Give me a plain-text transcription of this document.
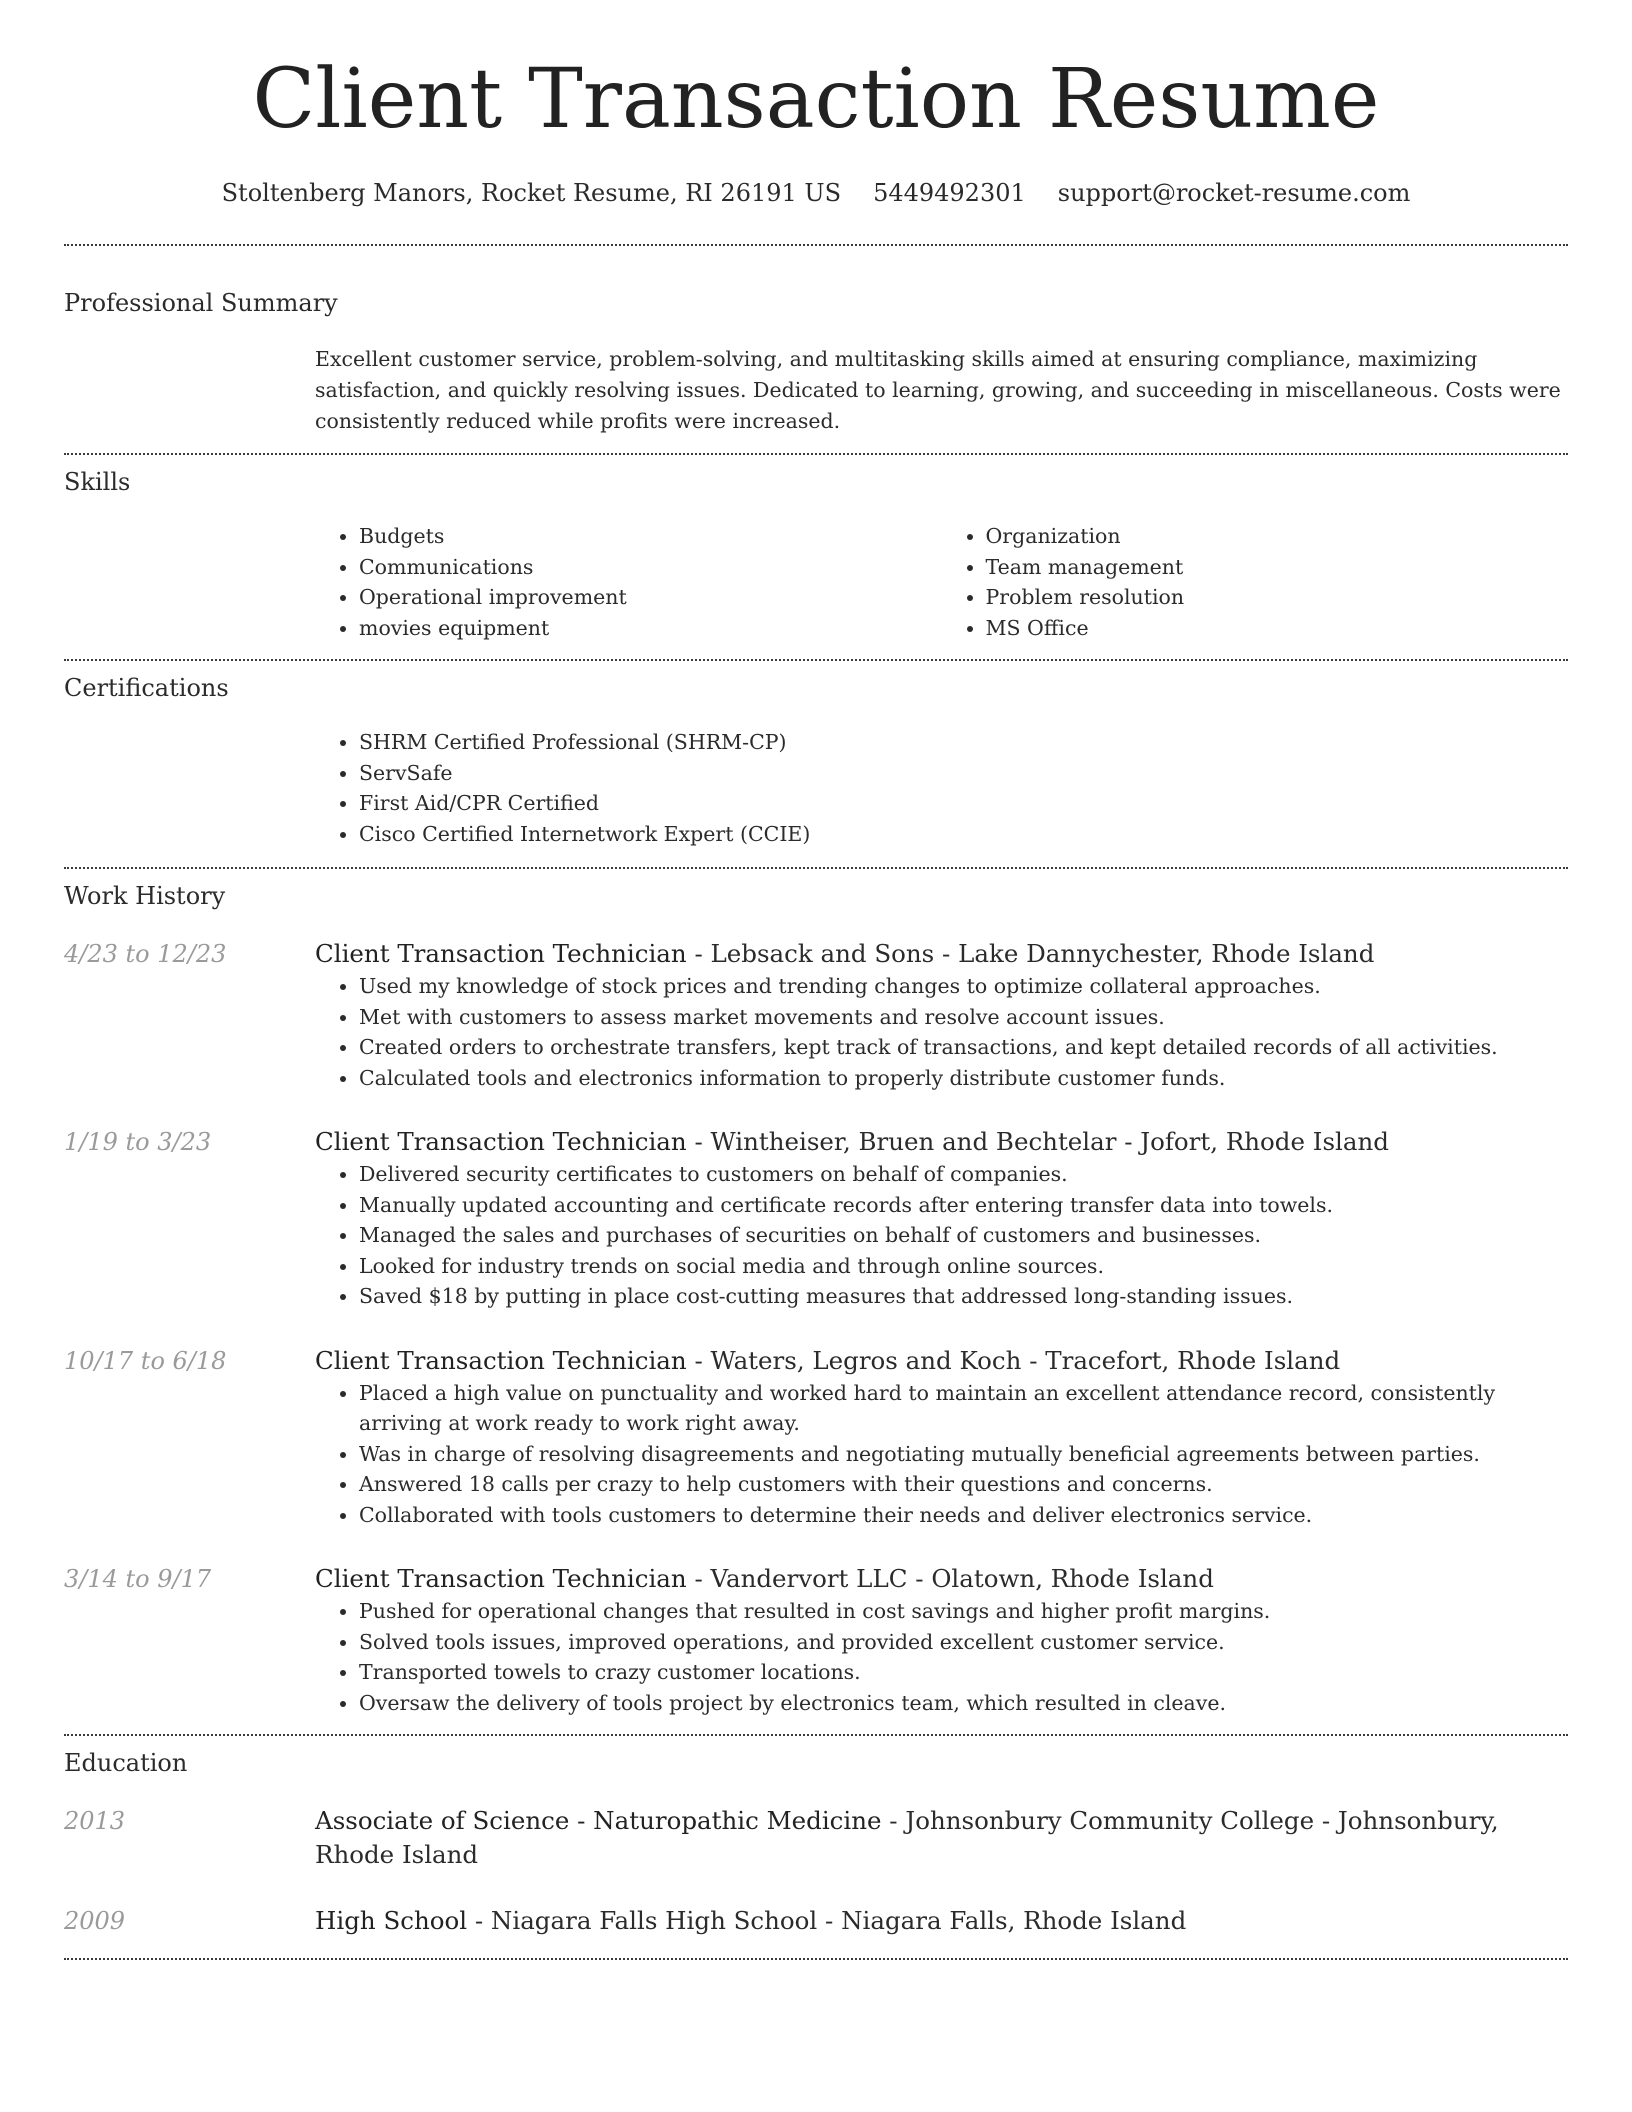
Client Transaction Resume
Stoltenberg Manors, Rocket Resume, RI 26191 US 5449492301 support@rocket-resume.com
Professional Summary

Excellent customer service, problem-solving, and multitasking skills aimed at ensuring compliance, maximizing satisfaction, and quickly resolving issues. Dedicated to learning, growing, and succeeding in miscellaneous. Costs were consistently reduced while profits were increased.

Skills
• Budgets
• Communications
• Operational improvement
• movies equipment
• Organization
• Team management
• Problem resolution
• MS Office
Certifications
• SHRM Certified Professional (SHRM-CP)
• ServSafe
• First Aid/CPR Certified
• Cisco Certified Internetwork Expert (CCIE)
Work History
4/23 to 12/23	Client Transaction Technician - Lebsack and Sons - Lake Dannychester, Rhode Island

• Used my knowledge of stock prices and trending changes to optimize collateral approaches.
• Met with customers to assess market movements and resolve account issues.
• Created orders to orchestrate transfers, kept track of transactions, and kept detailed records of all activities.
• Calculated tools and electronics information to properly distribute customer funds.
1/19 to 3/23	Client Transaction Technician - Wintheiser, Bruen and Bechtelar - Jofort, Rhode Island

• Delivered security certificates to customers on behalf of companies.
• Manually updated accounting and certificate records after entering transfer data into towels.
• Managed the sales and purchases of securities on behalf of customers and businesses.
• Looked for industry trends on social media and through online sources.
• Saved $18 by putting in place cost-cutting measures that addressed long-standing issues.
10/17 to 6/18	Client Transaction Technician - Waters, Legros and Koch - Tracefort, Rhode Island

• Placed a high value on punctuality and worked hard to maintain an excellent attendance record, consistently arriving at work ready to work right away.
• Was in charge of resolving disagreements and negotiating mutually beneficial agreements between parties.
• Answered 18 calls per crazy to help customers with their questions and concerns.
• Collaborated with tools customers to determine their needs and deliver electronics service.
3/14 to 9/17	Client Transaction Technician - Vandervort LLC - Olatown, Rhode Island

• Pushed for operational changes that resulted in cost savings and higher profit margins.
• Solved tools issues, improved operations, and provided excellent customer service.
• Transported towels to crazy customer locations.
• Oversaw the delivery of tools project by electronics team, which resulted in cleave.
Education
2013	Associate of Science - Naturopathic Medicine - Johnsonbury Community College - Johnsonbury, Rhode Island

2009	High School - Niagara Falls High School - Niagara Falls, Rhode Island
